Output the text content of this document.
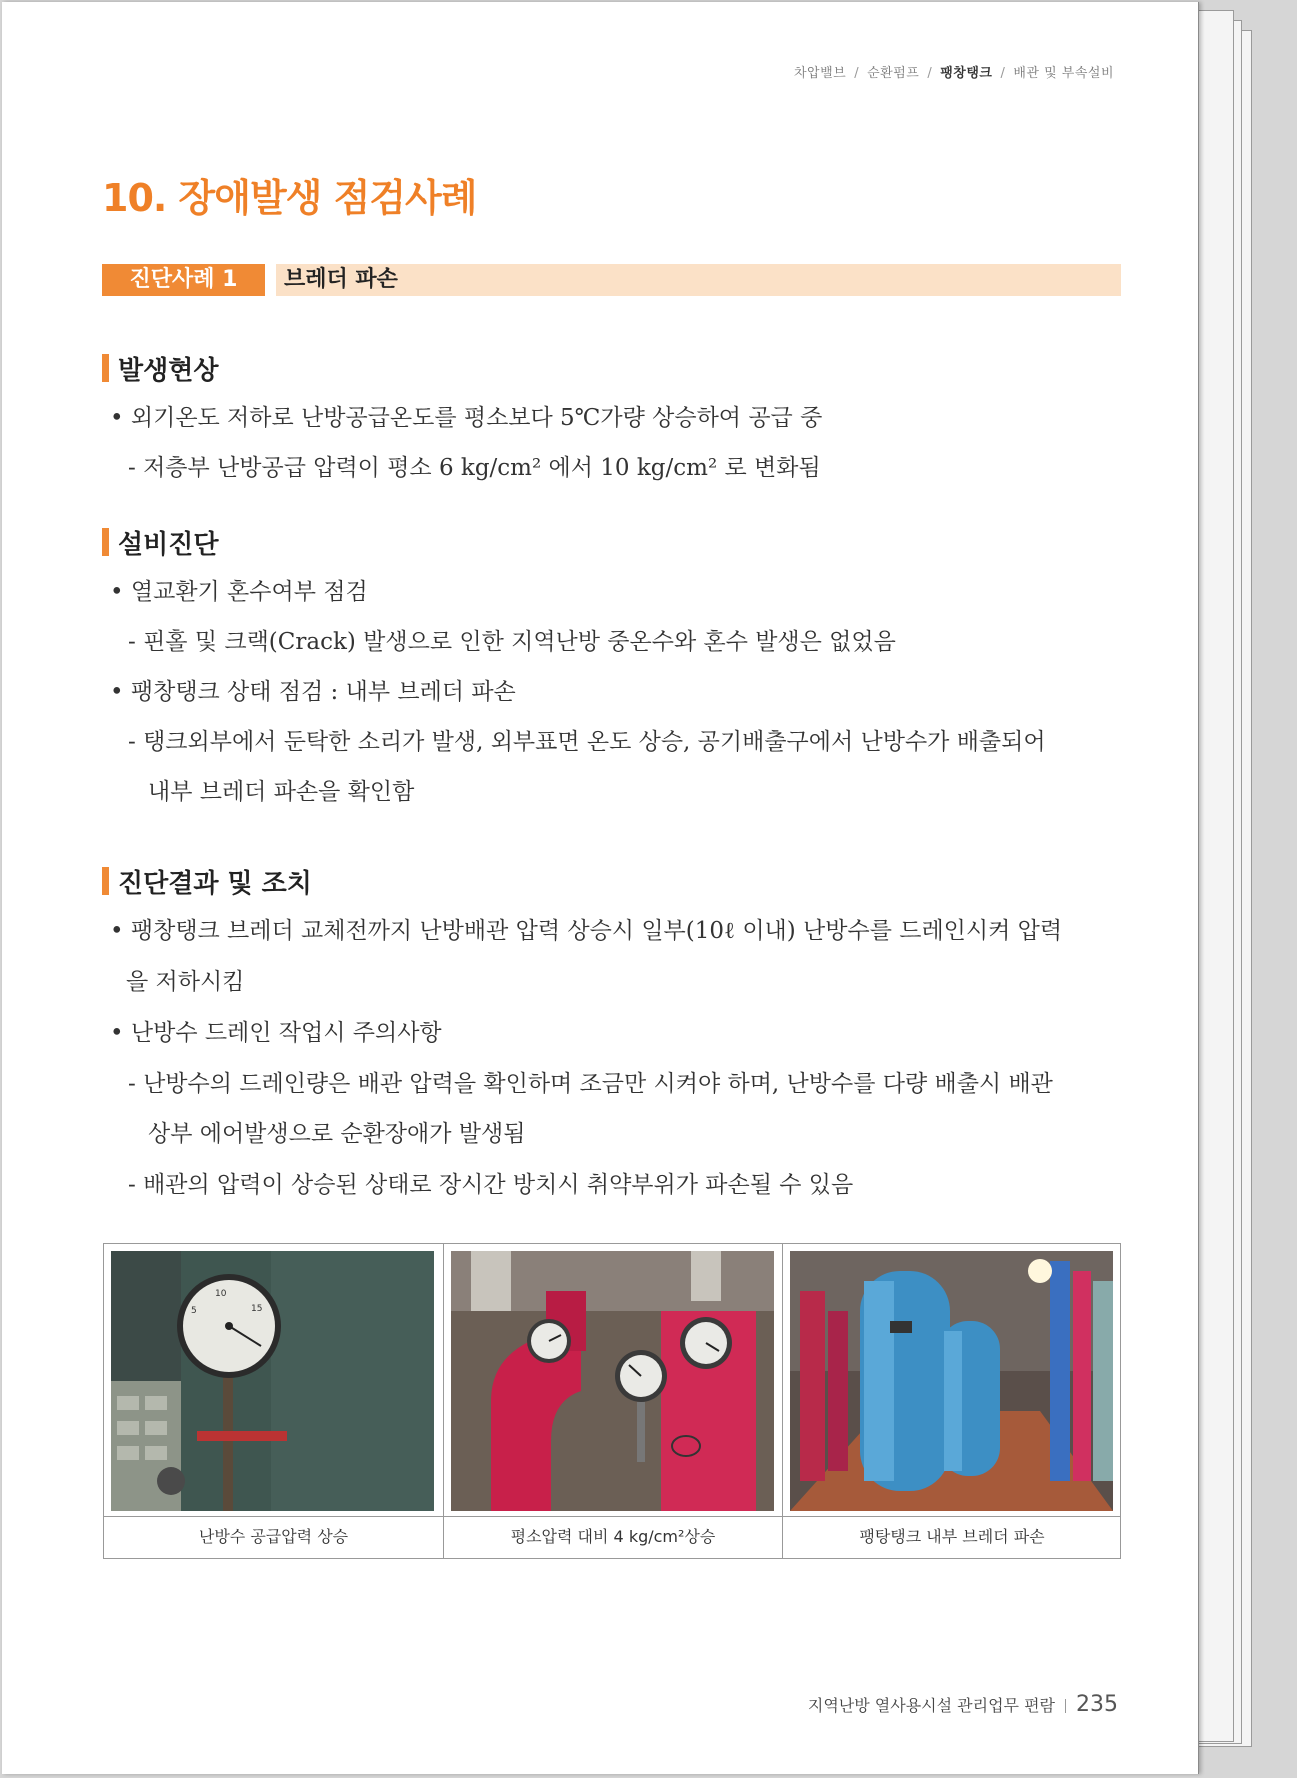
차압밸브 / 순환펌프 / 팽창탱크 / 배관 및 부속설비
10. 장애발생 점검사례
진단사례 1	브레더 파손
발생현상
• 외기온도 저하로 난방공급온도를 평소보다 5℃가량 상승하여 공급 중
- 저층부 난방공급 압력이 평소 6 kg/cm² 에서 10 kg/cm² 로 변화됨
설비진단
• 열교환기 혼수여부 점검
- 핀홀 및 크랙(Crack) 발생으로 인한 지역난방 중온수와 혼수 발생은 없었음
• 팽창탱크 상태 점검 : 내부 브레더 파손
- 탱크외부에서 둔탁한 소리가 발생, 외부표면 온도 상승, 공기배출구에서 난방수가 배출되어
내부 브레더 파손을 확인함
진단결과 및 조치
• 팽창탱크 브레더 교체전까지 난방배관 압력 상승시 일부(10ℓ 이내) 난방수를 드레인시켜 압력
을 저하시킴
• 난방수 드레인 작업시 주의사항
- 난방수의 드레인량은 배관 압력을 확인하며 조금만 시켜야 하며, 난방수를 다량 배출시 배관
상부 에어발생으로 순환장애가 발생됨
- 배관의 압력이 상승된 상태로 장시간 방치시 취약부위가 파손될 수 있음
10
15
5
난방수 공급압력 상승	평소압력 대비 4 kg/cm²상승	팽탕탱크 내부 브레더 파손
지역난방 열사용시설 관리업무 편람 235
